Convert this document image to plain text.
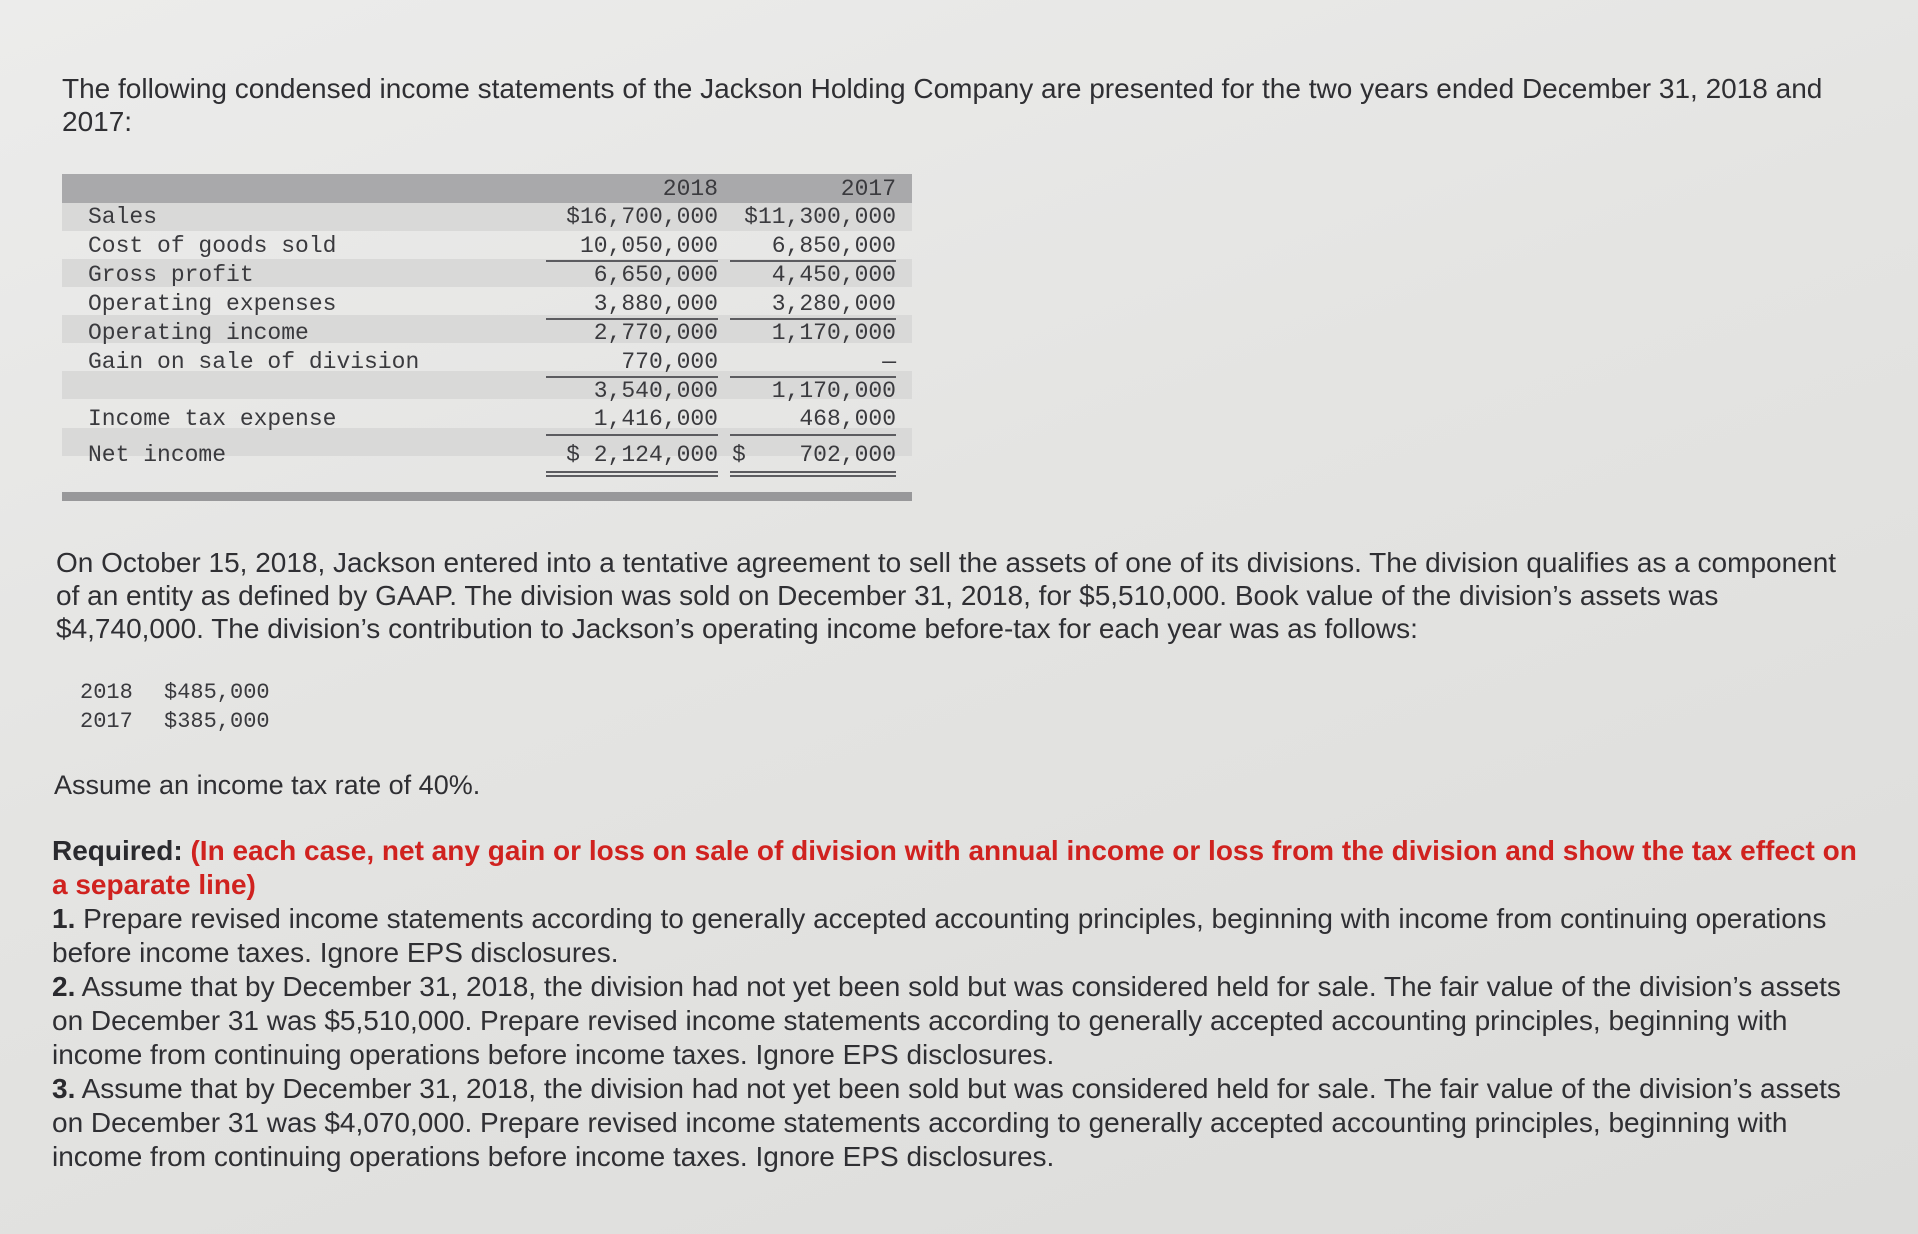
The following condensed income statements of the Jackson Holding Company are presented for the two years ended December 31, 2018 and 2017:
2018	2017
Sales	$16,700,000 $11,300,000
Cost of goods sold	10,050,000 6,850,000
Gross profit	6,650,000 4,450,000
Operating expenses	3,880,000 3,280,000
Operating income	2,770,000 1,170,000
Gain on sale of division	770,000	—
3,540,000 1,170,000
Income tax expense	1,416,000	468,000
Net income	$ 2,124,000 $ 702,000
On October 15, 2018, Jackson entered into a tentative agreement to sell the assets of one of its divisions. The division qualifies as a component of an entity as defined by GAAP. The division was sold on December 31, 2018, for $5,510,000. Book value of the division’s assets was $4,740,000. The division’s contribution to Jackson’s operating income before-tax for each year was as follows:
2018 $485,000
2017 $385,000
Assume an income tax rate of 40%.

Required: (In each case, net any gain or loss on sale of division with annual income or loss from the division and show the tax effect on a separate line)

1. Prepare revised income statements according to generally accepted accounting principles, beginning with income from continuing operations before income taxes. Ignore EPS disclosures.

2. Assume that by December 31, 2018, the division had not yet been sold but was considered held for sale. The fair value of the division’s assets on December 31 was $5,510,000. Prepare revised income statements according to generally accepted accounting principles, beginning with income from continuing operations before income taxes. Ignore EPS disclosures.

3. Assume that by December 31, 2018, the division had not yet been sold but was considered held for sale. The fair value of the division’s assets on December 31 was $4,070,000. Prepare revised income statements according to generally accepted accounting principles, beginning with income from continuing operations before income taxes. Ignore EPS disclosures.
